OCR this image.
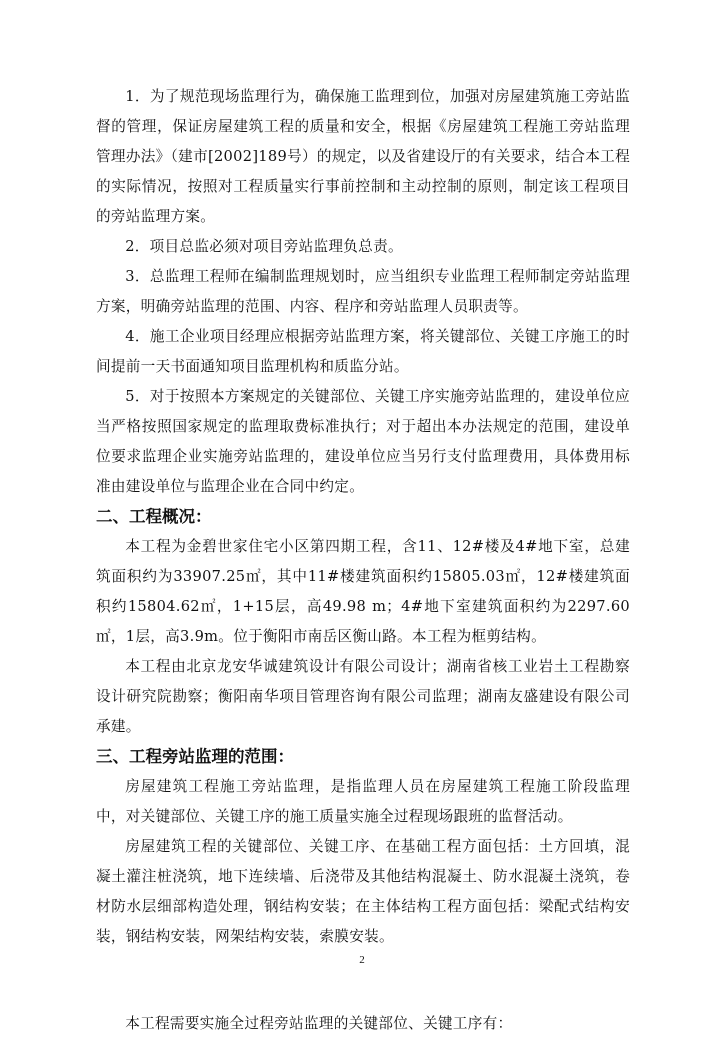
1．为了规范现场监理行为，确保施工监理到位，加强对房屋建筑施工旁站监督的管理，保证房屋建筑工程的质量和安全，根据《房屋建筑工程施工旁站监理管理办法》（建市[2002]189号）的规定，以及省建设厅的有关要求，结合本工程的实际情况，按照对工程质量实行事前控制和主动控制的原则，制定该工程项目的旁站监理方案。

2．项目总监必须对项目旁站监理负总责。

3．总监理工程师在编制监理规划时，应当组织专业监理工程师制定旁站监理方案，明确旁站监理的范围、内容、程序和旁站监理人员职责等。

4．施工企业项目经理应根据旁站监理方案，将关键部位、关键工序施工的时间提前一天书面通知项目监理机构和质监分站。

5．对于按照本方案规定的关键部位、关键工序实施旁站监理的，建设单位应当严格按照国家规定的监理取费标准执行；对于超出本办法规定的范围，建设单位要求监理企业实施旁站监理的，建设单位应当另行支付监理费用，具体费用标准由建设单位与监理企业在合同中约定。

二、工程概况：

本工程为金碧世家住宅小区第四期工程，含11、12#楼及4#地下室，总建筑面积约为33907.25㎡，其中11#楼建筑面积约15805.03㎡，12#楼建筑面积约15804.62㎡，1+15层，高49.98 m；4#地下室建筑面积约为2297.60㎡，1层，高3.9m。位于衡阳市南岳区衡山路。本工程为框剪结构。

本工程由北京龙安华诚建筑设计有限公司设计；湖南省核工业岩土工程勘察设计研究院勘察；衡阳南华项目管理咨询有限公司监理；湖南友盛建设有限公司承建。

三、工程旁站监理的范围：

房屋建筑工程施工旁站监理，是指监理人员在房屋建筑工程施工阶段监理中，对关键部位、关键工序的施工质量实施全过程现场跟班的监督活动。

房屋建筑工程的关键部位、关键工序、在基础工程方面包括：土方回填，混凝土灌注桩浇筑，地下连续墙、后浇带及其他结构混凝土、防水混凝土浇筑，卷材防水层细部构造处理，钢结构安装；在主体结构工程方面包括：梁配式结构安装，钢结构安装，网架结构安装，索膜安装。

本工程需要实施全过程旁站监理的关键部位、关键工序有：

2
